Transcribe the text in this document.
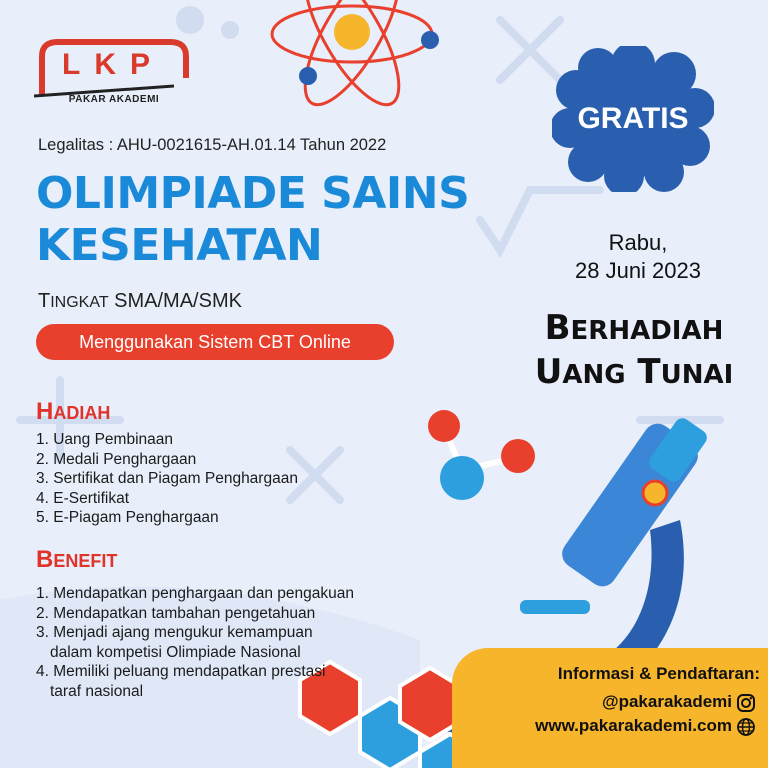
LKP
PAKAR AKADEMI
Legalitas : AHU-0021615-AH.01.14 Tahun 2022
OLIMPIADE SAINS
KESEHATAN
TINGKAT SMA/MA/SMK
Menggunakan Sistem CBT Online
HADIAH
1. Uang Pembinaan
2. Medali Penghargaan
3. Sertifikat dan Piagam Penghargaan
4. E-Sertifikat
5. E-Piagam Penghargaan
BENEFIT
1. Mendapatkan penghargaan dan pengakuan
2. Mendapatkan tambahan pengetahuan
3. Menjadi ajang mengukur kemampuan
dalam kompetisi Olimpiade Nasional
4. Memiliki peluang mendapatkan prestasi
taraf nasional
GRATIS
Rabu,
28 Juni 2023
BERHADIAH
UANG TUNAI
Informasi & Pendaftaran:
@pakarakademi
www.pakarakademi.com
